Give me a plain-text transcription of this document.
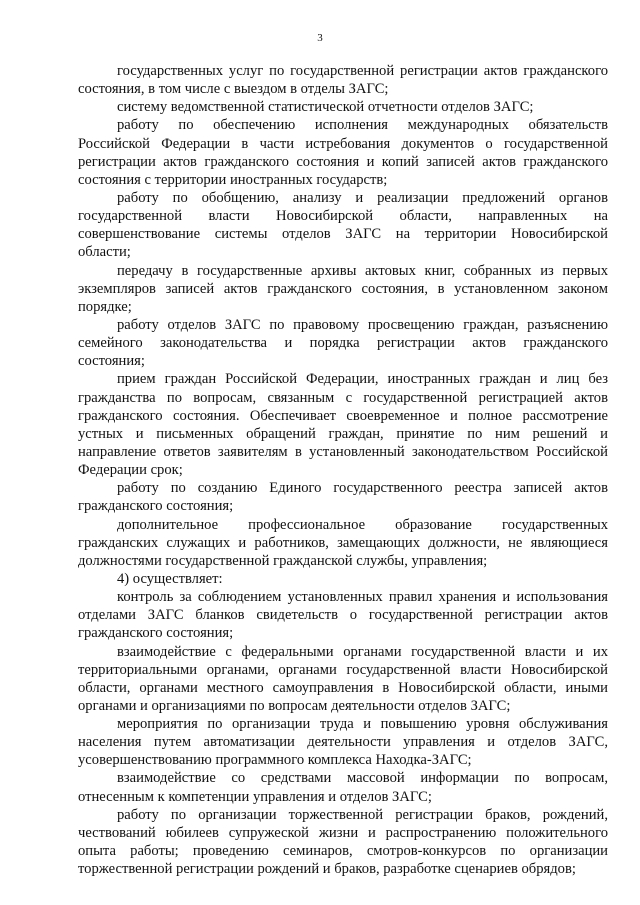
3
государственных услуг по государственной регистрации актов гражданского
состояния, в том числе с выездом в отделы ЗАГС;
систему ведомственной статистической отчетности отделов ЗАГС;
работу по обеспечению исполнения международных обязательств
Российской Федерации в части истребования документов о государственной
регистрации актов гражданского состояния и копий записей актов гражданского
состояния с территории иностранных государств;
работу по обобщению, анализу и реализации предложений органов
государственной власти Новосибирской области, направленных на
совершенствование системы отделов ЗАГС на территории Новосибирской
области;
передачу в государственные архивы актовых книг, собранных из первых
экземпляров записей актов гражданского состояния, в установленном законом
порядке;
работу отделов ЗАГС по правовому просвещению граждан, разъяснению
семейного законодательства и порядка регистрации актов гражданского
состояния;
прием граждан Российской Федерации, иностранных граждан и лиц без
гражданства по вопросам, связанным с государственной регистрацией актов
гражданского состояния. Обеспечивает своевременное и полное рассмотрение
устных и письменных обращений граждан, принятие по ним решений и
направление ответов заявителям в установленный законодательством Российской
Федерации срок;
работу по созданию Единого государственного реестра записей актов
гражданского состояния;
дополнительное профессиональное образование государственных
гражданских служащих и работников, замещающих должности, не являющиеся
должностями государственной гражданской службы, управления;
4) осуществляет:
контроль за соблюдением установленных правил хранения и использования
отделами ЗАГС бланков свидетельств о государственной регистрации актов
гражданского состояния;
взаимодействие с федеральными органами государственной власти и их
территориальными органами, органами государственной власти Новосибирской
области, органами местного самоуправления в Новосибирской области, иными
органами и организациями по вопросам деятельности отделов ЗАГС;
мероприятия по организации труда и повышению уровня обслуживания
населения путем автоматизации деятельности управления и отделов ЗАГС,
усовершенствованию программного комплекса Находка-ЗАГС;
взаимодействие со средствами массовой информации по вопросам,
отнесенным к компетенции управления и отделов ЗАГС;
работу по организации торжественной регистрации браков, рождений,
чествований юбилеев супружеской жизни и распространению положительного
опыта работы; проведению семинаров, смотров-конкурсов по организации
торжественной регистрации рождений и браков, разработке сценариев обрядов;
